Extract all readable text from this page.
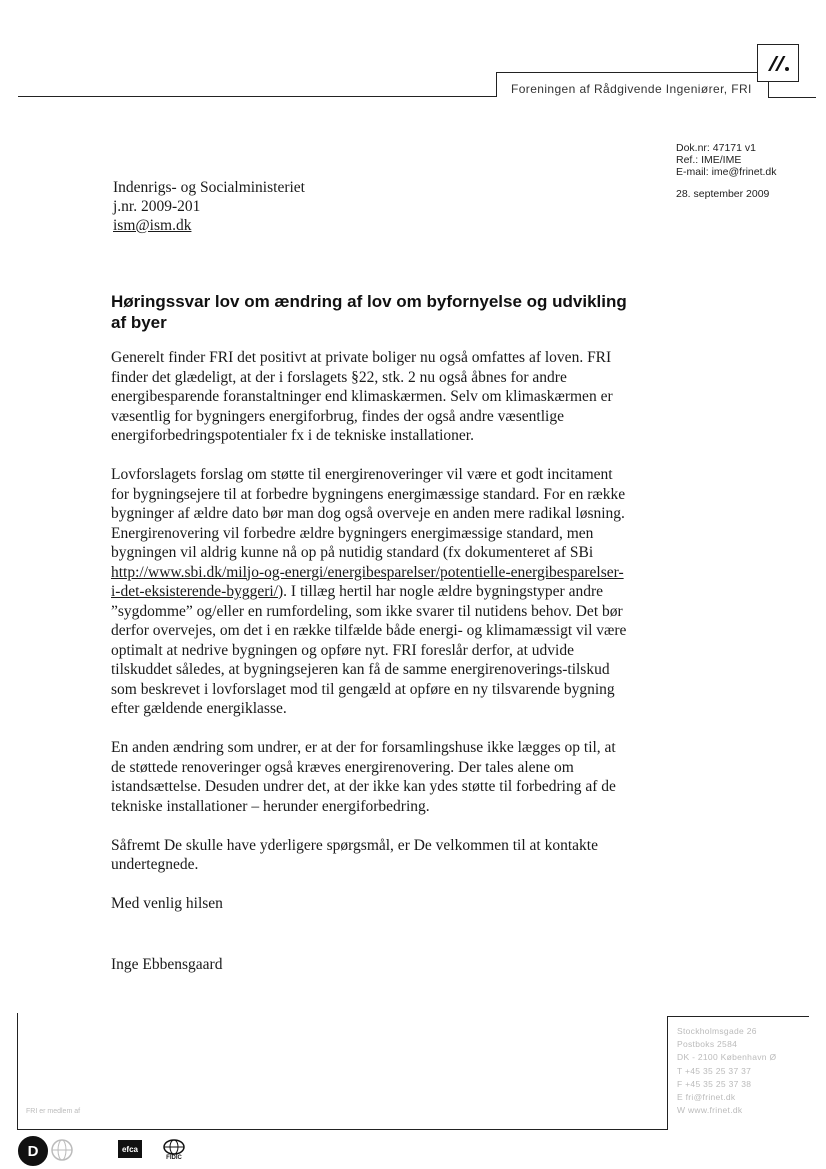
Foreningen af Rådgivende Ingeniører, FRI
Dok.nr: 47171 v1
Ref.: IME/IME
E-mail: ime@frinet.dk
28. september 2009
Indenrigs- og Socialministeriet
j.nr. 2009-201
ism@ism.dk
Høringssvar lov om ændring af lov om byfornyelse og udvikling af byer

Generelt finder FRI det positivt at private boliger nu også omfattes af loven. FRI finder det glædeligt, at der i forslagets §22, stk. 2 nu også åbnes for andre energibesparende foranstaltninger end klimaskærmen. Selv om klimaskærmen er væsentlig for bygningers energiforbrug, findes der også andre væsentlige energiforbedringspotentialer fx i de tekniske installationer.

Lovforslagets forslag om støtte til energirenoveringer vil være et godt incitament for bygningsejere til at forbedre bygningens energimæssige standard. For en række bygninger af ældre dato bør man dog også overveje en anden mere radikal løsning. Energirenovering vil forbedre ældre bygningers energimæssige standard, men bygningen vil aldrig kunne nå op på nutidig standard (fx dokumenteret af SBi http://www.sbi.dk/miljo-og-energi/energibesparelser/potentielle-energibesparelser-i-det-eksisterende-byggeri/). I tillæg hertil har nogle ældre bygningstyper andre ”sygdomme” og/eller en rumfordeling, som ikke svarer til nutidens behov. Det bør derfor overvejes, om det i en række tilfælde både energi- og klimamæssigt vil være optimalt at nedrive bygningen og opføre nyt. FRI foreslår derfor, at udvide tilskuddet således, at bygningsejeren kan få de samme energirenoverings-tilskud som beskrevet i lovforslaget mod til gengæld at opføre en ny tilsvarende bygning efter gældende energiklasse.

En anden ændring som undrer, er at der for forsamlingshuse ikke lægges op til, at de støttede renoveringer også kræves energirenovering. Der tales alene om istandsættelse. Desuden undrer det, at der ikke kan ydes støtte til forbedring af de tekniske installationer – herunder energiforbedring.

Såfremt De skulle have yderligere spørgsmål, er De velkommen til at kontakte undertegnede.

Med venlig hilsen

Inge Ebbensgaard

Stockholmsgade 26
Postboks 2584
DK - 2100 København Ø
T +45 35 25 37 37
F +45 35 25 37 38
E fri@frinet.dk
W www.frinet.dk
FRI er medlem af
D	efca
FIDIC
